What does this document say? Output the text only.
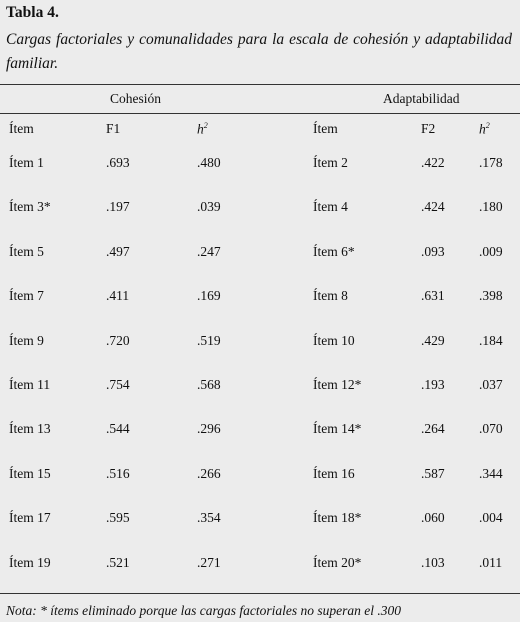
Tabla 4.
Cargas factoriales y comunalidades para la escala de cohesión y adaptabilidad familiar.
Cohesión	Adaptabilidad
Ítem	F1	$h^2$	Ítem	F2	$h^2$
Ítem 1	.693	.480	Ítem 2	.422	.178
Ítem 3*	.197	.039	Ítem 4	.424	.180
Ítem 5	.497	.247	Ítem 6*	.093	.009
Ítem 7	.411	.169	Ítem 8	.631	.398
Ítem 9	.720	.519	Ítem 10	.429	.184
Ítem 11	.754	.568	Ítem 12*	.193	.037
Ítem 13	.544	.296	Ítem 14*	.264	.070
Ítem 15	.516	.266	Ítem 16	.587	.344
Ítem 17	.595	.354	Ítem 18*	.060	.004
Ítem 19	.521	.271	Ítem 20*	.103	.011
Nota: * ítems eliminado porque las cargas factoriales no superan el .300
